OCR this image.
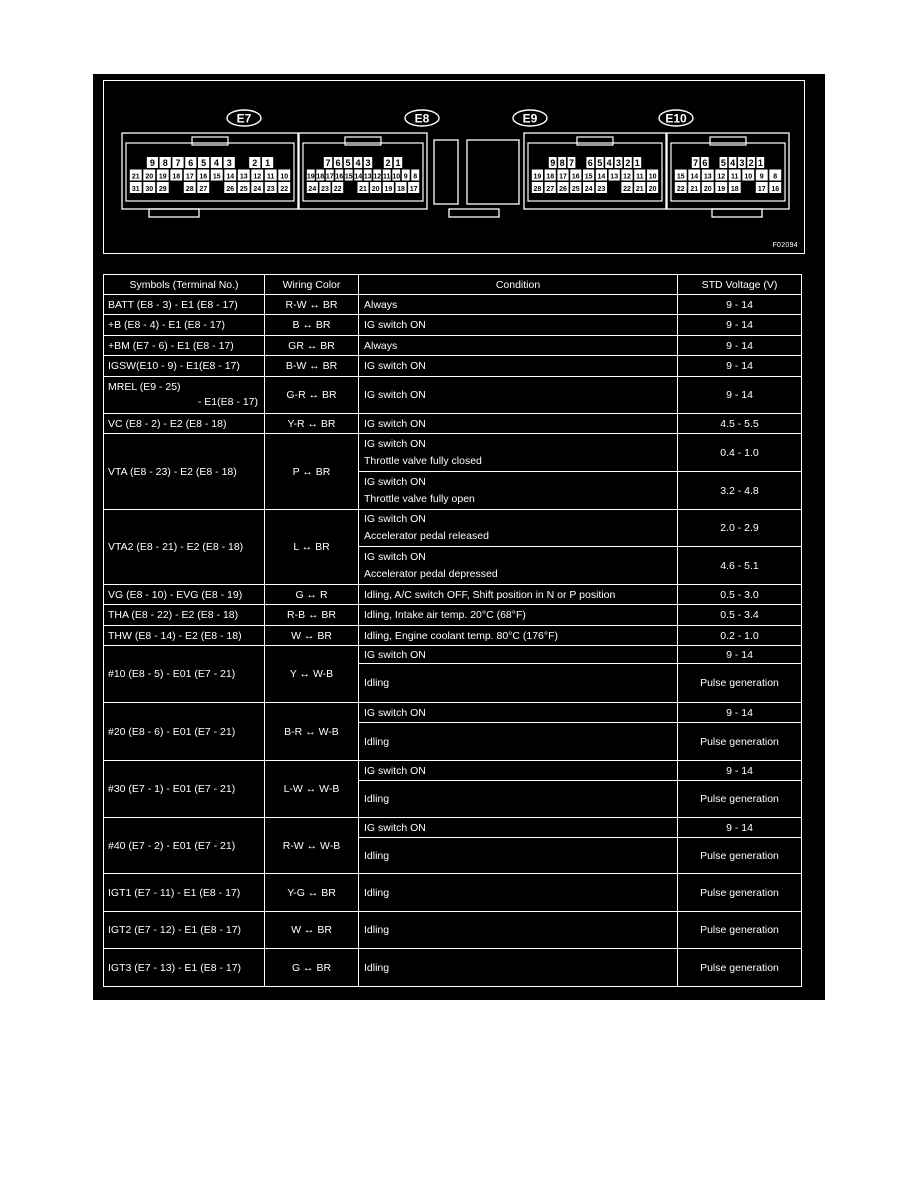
E7	E8	E9	E10
9 8 7 6 5 4 3 2 1
21 20 19 18 17 16 15 14 13 12 11 10
31 30 29	28 27	26 25 24 23 22
7 6 5 4 3 2 1
19 18 17 16 15 14 13 12 11 10 9 8
24 23 22	21 20 19 18 17
9 8 7 6 5 4 3 2 1
19 18 17 16 15 14 13 12 11 10
28 27 26 25 24 23	22 21 20
7 6 5 4 3 2 1
15 14 13 12 11 10 9 8
22 21 20 19 18	17 16
F02094
Symbols (Terminal No.)	Wiring Color	Condition	STD Voltage (V)
BATT (E8 - 3) - E1 (E8 - 17)	R-W ↔ BR	Always	9 - 14
+B (E8 - 4) - E1 (E8 - 17)	B ↔ BR	IG switch ON	9 - 14
+BM (E7 - 6) - E1 (E8 - 17)	GR ↔ BR	Always	9 - 14
IGSW(E10 - 9) - E1(E8 - 17)	B-W ↔ BR	IG switch ON	9 - 14

MREL (E9 - 25)
- E1(E8 - 17)	G-R ↔ BR	IG switch ON	9 - 14
VC (E8 - 2) - E2 (E8 - 18)	Y-R ↔ BR	IG switch ON	4.5 - 5.5
VTA (E8 - 23) - E2 (E8 - 18)	P ↔ BR	IG switch ON
Throttle valve fully closed	0.4 - 1.0

		IG switch ON
Throttle valve fully open	3.2 - 4.8
VTA2 (E8 - 21) - E2 (E8 - 18)	L ↔ BR	IG switch ON
Accelerator pedal released	2.0 - 2.9

		IG switch ON
Accelerator pedal depressed	4.6 - 5.1
VG (E8 - 10) - EVG (E8 - 19)	G ↔ R	Idling, A/C switch OFF, Shift position in N or P position	0.5 - 3.0
THA (E8 - 22) - E2 (E8 - 18)	R-B ↔ BR	Idling, Intake air temp. 20°C (68°F)	0.5 - 3.4
THW (E8 - 14) - E2 (E8 - 18)	W ↔ BR	Idling, Engine coolant temp. 80°C (176°F)	0.2 - 1.0
#10 (E8 - 5) - E01 (E7 - 21)	Y ↔ W-B	IG switch ON	9 - 14
		Idling	Pulse generation
#20 (E8 - 6) - E01 (E7 - 21)	B-R ↔ W-B	IG switch ON	9 - 14
		Idling	Pulse generation
#30 (E7 - 1) - E01 (E7 - 21)	L-W ↔ W-B	IG switch ON	9 - 14
		Idling	Pulse generation
#40 (E7 - 2) - E01 (E7 - 21)	R-W ↔ W-B	IG switch ON	9 - 14
		Idling	Pulse generation
IGT1 (E7 - 11) - E1 (E8 - 17)	Y-G ↔ BR	Idling	Pulse generation
IGT2 (E7 - 12) - E1 (E8 - 17)	W ↔ BR	Idling	Pulse generation
IGT3 (E7 - 13) - E1 (E8 - 17)	G ↔ BR	Idling	Pulse generation
